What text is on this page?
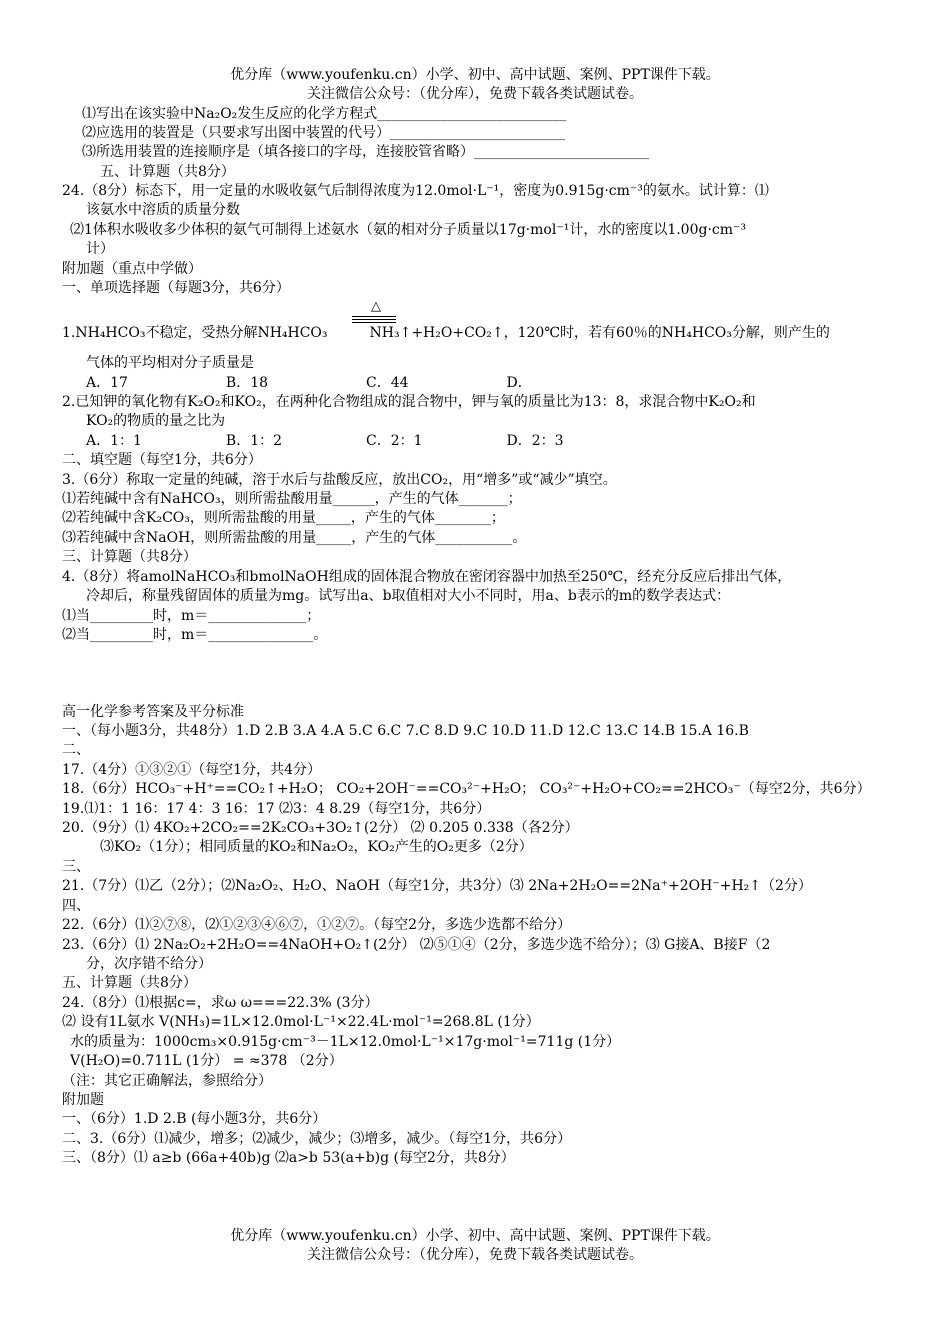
优分库（www.youfenku.cn）小学、初中、高中试题、案例、PPT课件下载。
关注微信公众号：（优分库），免费下载各类试题试卷。
⑴写出在该实验中Na₂O₂发生反应的化学方程式___________________________
⑵应选用的装置是（只要求写出图中装置的代号）_________________________
⑶所选用装置的连接顺序是（填各接口的字母，连接胶管省略）_________________________
五、计算题（共8分）
24.（8分）标态下，用一定量的水吸收氨气后制得浓度为12.0mol·L⁻¹，密度为0.915g·cm⁻³的氨水。试计算：⑴
该氨水中溶质的质量分数
⑵1体积水吸收多少体积的氨气可制得上述氨水（氨的相对分子质量以17g·mol⁻¹计，水的密度以1.00g·cm⁻³
计）
附加题（重点中学做）
一、单项选择题（每题3分，共6分）
△
1.NH₄HCO₃不稳定，受热分解NH₄HCO₃　　　NH₃↑+H₂O+CO₂↑，120℃时，若有60％的NH₄HCO₃分解，则产生的
气体的平均相对分子质量是
A．17　　　　　　　B．18　　　　　　　C．44　　　　　　　D．
2.已知钾的氧化物有K₂O₂和KO₂，在两种化合物组成的混合物中，钾与氧的质量比为13：8，求混合物中K₂O₂和
KO₂的物质的量之比为
A．1：1　　　　　　B．1：2　　　　　　C．2：1　　　　　　D．2：3
二、填空题（每空1分，共6分）
3.（6分）称取一定量的纯碱，溶于水后与盐酸反应，放出CO₂，用“增多”或“减少”填空。
⑴若纯碱中含有NaHCO₃，则所需盐酸用量______，产生的气体_______；
⑵若纯碱中含K₂CO₃，则所需盐酸的用量_____，产生的气体________；
⑶若纯碱中含NaOH，则所需盐酸的用量_____，产生的气体___________。
三、计算题（共8分）
4.（8分）将amolNaHCO₃和bmolNaOH组成的固体混合物放在密闭容器中加热至250℃，经充分反应后排出气体，
冷却后，称量残留固体的质量为mg。试写出a、b取值相对大小不同时，用a、b表示的m的数学表达式：
⑴当_________时，m＝______________；
⑵当_________时，m＝_______________。
高一化学参考答案及平分标准
一、（每小题3分，共48分）1.D 2.B 3.A 4.A 5.C 6.C 7.C 8.D 9.C 10.D 11.D 12.C 13.C 14.B 15.A 16.B
二、
17.（4分）①③②①（每空1分，共4分）
18.（6分）HCO₃⁻+H⁺==CO₂↑+H₂O； CO₂+2OH⁻==CO₃²⁻+H₂O； CO₃²⁻+H₂O+CO₂==2HCO₃⁻（每空2分，共6分）
19.⑴1：1 16：17 4：3 16：17 ⑵3：4 8.29（每空1分，共6分）
20.（9分）⑴ 4KO₂+2CO₂==2K₂CO₃+3O₂↑(2分） ⑵ 0.205 0.338（各2分）
⑶KO₂（1分）；相同质量的KO₂和Na₂O₂，KO₂产生的O₂更多（2分）
三、
21.（7分）⑴乙（2分）；⑵Na₂O₂、H₂O、NaOH（每空1分，共3分）⑶ 2Na+2H₂O==2Na⁺+2OH⁻+H₂↑（2分）
四、
22.（6分）⑴②⑦⑧，⑵①②③④⑥⑦，①②⑦。（每空2分，多选少选都不给分）
23.（6分）⑴ 2Na₂O₂+2H₂O==4NaOH+O₂↑(2分） ⑵⑤①④（2分，多选少选不给分）；⑶ G接A、B接F（2
分，次序错不给分）
五、计算题（共8分）
24.（8分）⑴根据c=，求ω ω===22.3% (3分）
⑵ 设有1L氨水 V(NH₃)=1L×12.0mol·L⁻¹×22.4L·mol⁻¹=268.8L (1分）
水的质量为：1000cm₃×0.915g·cm⁻³－1L×12.0mol·L⁻¹×17g·mol⁻¹=711g (1分）
V(H₂O)=0.711L (1分） = ≈378 （2分）
（注：其它正确解法，参照给分）
附加题
一、（6分）1.D 2.B (每小题3分，共6分）
二、3.（6分）⑴减少，增多；⑵减少，减少；⑶增多，减少。（每空1分，共6分）
三、（8分）⑴ a≥b (66a+40b)g ⑵a>b 53(a+b)g (每空2分，共8分）
优分库（www.youfenku.cn）小学、初中、高中试题、案例、PPT课件下载。
关注微信公众号：（优分库），免费下载各类试题试卷。
